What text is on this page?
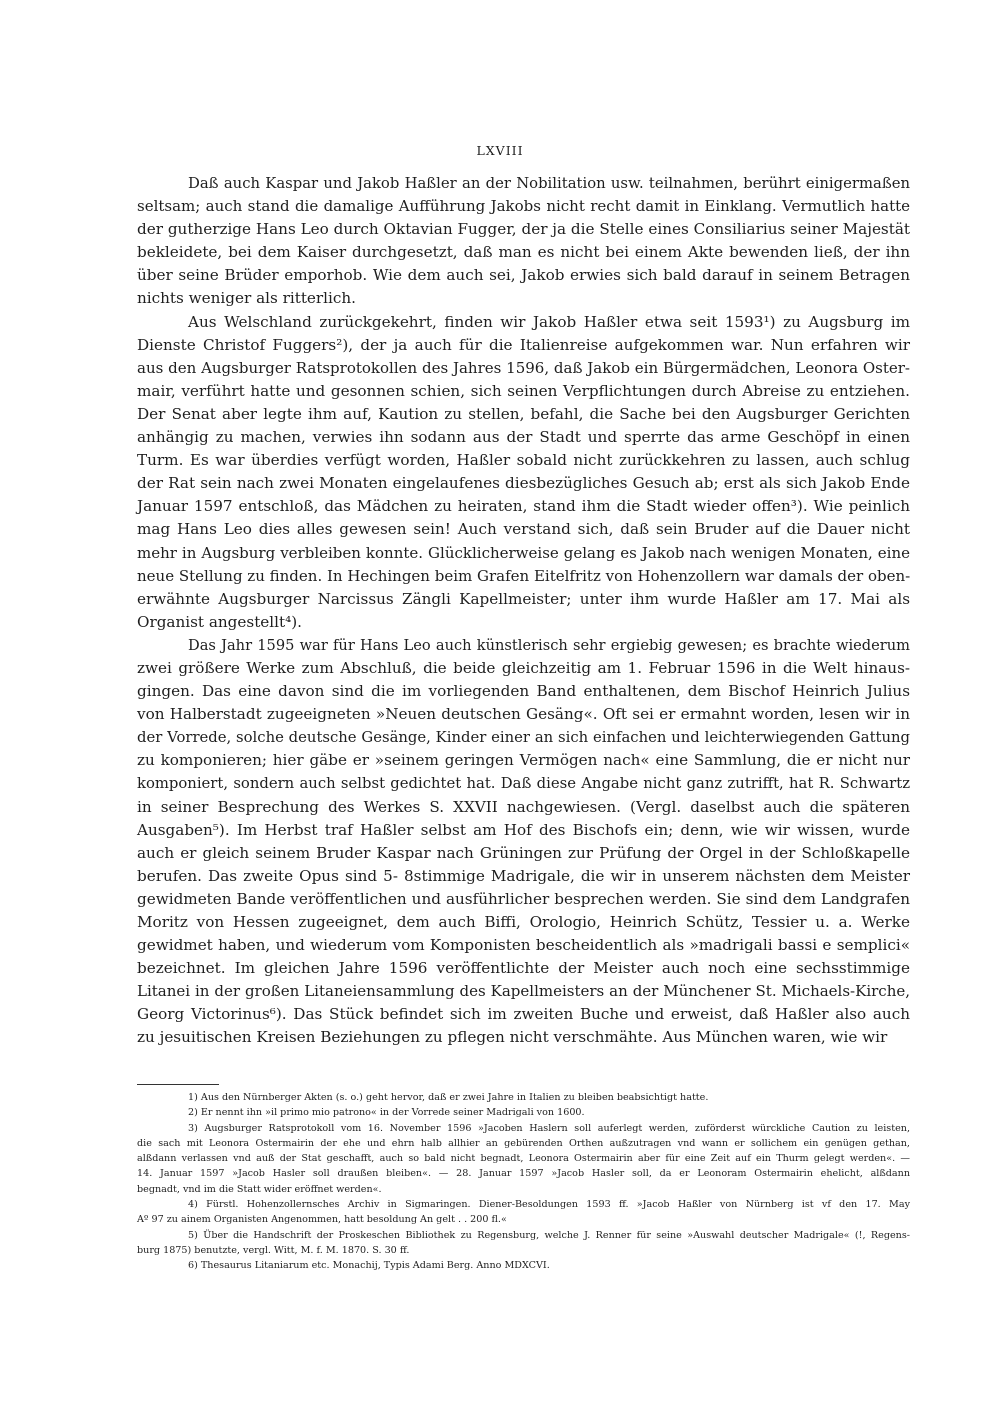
LXVIII
Daß auch Kaspar und Jakob Haßler an der Nobilitation usw. teilnahmen, berührt einigermaßen
seltsam; auch stand die damalige Aufführung Jakobs nicht recht damit in Einklang. Vermutlich hatte
der gutherzige Hans Leo durch Oktavian Fugger, der ja die Stelle eines Consiliarius seiner Majestät
bekleidete, bei dem Kaiser durchgesetzt, daß man es nicht bei einem Akte bewenden ließ, der ihn
über seine Brüder emporhob. Wie dem auch sei, Jakob erwies sich bald darauf in seinem Betragen
nichts weniger als ritterlich.
Aus Welschland zurückgekehrt, finden wir Jakob Haßler etwa seit 1593¹) zu Augsburg im
Dienste Christof Fuggers²), der ja auch für die Italienreise aufgekommen war. Nun erfahren wir
aus den Augsburger Ratsprotokollen des Jahres 1596, daß Jakob ein Bürgermädchen, Leonora Oster-
mair, verführt hatte und gesonnen schien, sich seinen Verpflichtungen durch Abreise zu entziehen.
Der Senat aber legte ihm auf, Kaution zu stellen, befahl, die Sache bei den Augsburger Gerichten
anhängig zu machen, verwies ihn sodann aus der Stadt und sperrte das arme Geschöpf in einen
Turm. Es war überdies verfügt worden, Haßler sobald nicht zurückkehren zu lassen, auch schlug
der Rat sein nach zwei Monaten eingelaufenes diesbezügliches Gesuch ab; erst als sich Jakob Ende
Januar 1597 entschloß, das Mädchen zu heiraten, stand ihm die Stadt wieder offen³). Wie peinlich
mag Hans Leo dies alles gewesen sein! Auch verstand sich, daß sein Bruder auf die Dauer nicht
mehr in Augsburg verbleiben konnte. Glücklicherweise gelang es Jakob nach wenigen Monaten, eine
neue Stellung zu finden. In Hechingen beim Grafen Eitelfritz von Hohenzollern war damals der oben-
erwähnte Augsburger Narcissus Zängli Kapellmeister; unter ihm wurde Haßler am 17. Mai als
Organist angestellt⁴).
Das Jahr 1595 war für Hans Leo auch künstlerisch sehr ergiebig gewesen; es brachte wiederum
zwei größere Werke zum Abschluß, die beide gleichzeitig am 1. Februar 1596 in die Welt hinaus-
gingen. Das eine davon sind die im vorliegenden Band enthaltenen, dem Bischof Heinrich Julius
von Halberstadt zugeeigneten »Neuen deutschen Gesäng«. Oft sei er ermahnt worden, lesen wir in
der Vorrede, solche deutsche Gesänge, Kinder einer an sich einfachen und leichterwiegenden Gattung
zu komponieren; hier gäbe er »seinem geringen Vermögen nach« eine Sammlung, die er nicht nur
komponiert, sondern auch selbst gedichtet hat. Daß diese Angabe nicht ganz zutrifft, hat R. Schwartz
in seiner Besprechung des Werkes S. XXVII nachgewiesen. (Vergl. daselbst auch die späteren
Ausgaben⁵). Im Herbst traf Haßler selbst am Hof des Bischofs ein; denn, wie wir wissen, wurde
auch er gleich seinem Bruder Kaspar nach Grüningen zur Prüfung der Orgel in der Schloßkapelle
berufen. Das zweite Opus sind 5- 8stimmige Madrigale, die wir in unserem nächsten dem Meister
gewidmeten Bande veröffentlichen und ausführlicher besprechen werden. Sie sind dem Landgrafen
Moritz von Hessen zugeeignet, dem auch Biffi, Orologio, Heinrich Schütz, Tessier u. a. Werke
gewidmet haben, und wiederum vom Komponisten bescheidentlich als »madrigali bassi e semplici«
bezeichnet. Im gleichen Jahre 1596 veröffentlichte der Meister auch noch eine sechsstimmige
Litanei in der großen Litaneiensammlung des Kapellmeisters an der Münchener St. Michaels-Kirche,
Georg Victorinus⁶). Das Stück befindet sich im zweiten Buche und erweist, daß Haßler also auch
zu jesuitischen Kreisen Beziehungen zu pflegen nicht verschmähte. Aus München waren, wie wir
1) Aus den Nürnberger Akten (s. o.) geht hervor, daß er zwei Jahre in Italien zu bleiben beabsichtigt hatte.
2) Er nennt ihn »il primo mio patrono« in der Vorrede seiner Madrigali von 1600.
3) Augsburger Ratsprotokoll vom 16. November 1596 »Jacoben Haslern soll auferlegt werden, zuförderst würckliche Caution zu leisten,
die sach mit Leonora Ostermairin der ehe und ehrn halb allhier an gebürenden Orthen außzutragen vnd wann er sollichem ein genügen gethan,
alßdann verlassen vnd auß der Stat geschafft, auch so bald nicht begnadt, Leonora Ostermairin aber für eine Zeit auf ein Thurm gelegt werden«. —
14. Januar 1597 »Jacob Hasler soll draußen bleiben«. — 28. Januar 1597 »Jacob Hasler soll, da er Leonoram Ostermairin ehelicht, alßdann
begnadt, vnd im die Statt wider eröffnet werden«.
4) Fürstl. Hohenzollernsches Archiv in Sigmaringen. Diener-Besoldungen 1593 ff. »Jacob Haßler von Nürnberg ist vf den 17. May
Aº 97 zu ainem Organisten Angenommen, hatt besoldung An gelt . . 200 fl.«
5) Über die Handschrift der Proskeschen Bibliothek zu Regensburg, welche J. Renner für seine »Auswahl deutscher Madrigale« (!, Regens-
burg 1875) benutzte, vergl. Witt, M. f. M. 1870. S. 30 ff.
6) Thesaurus Litaniarum etc. Monachij, Typis Adami Berg. Anno MDXCVI.
